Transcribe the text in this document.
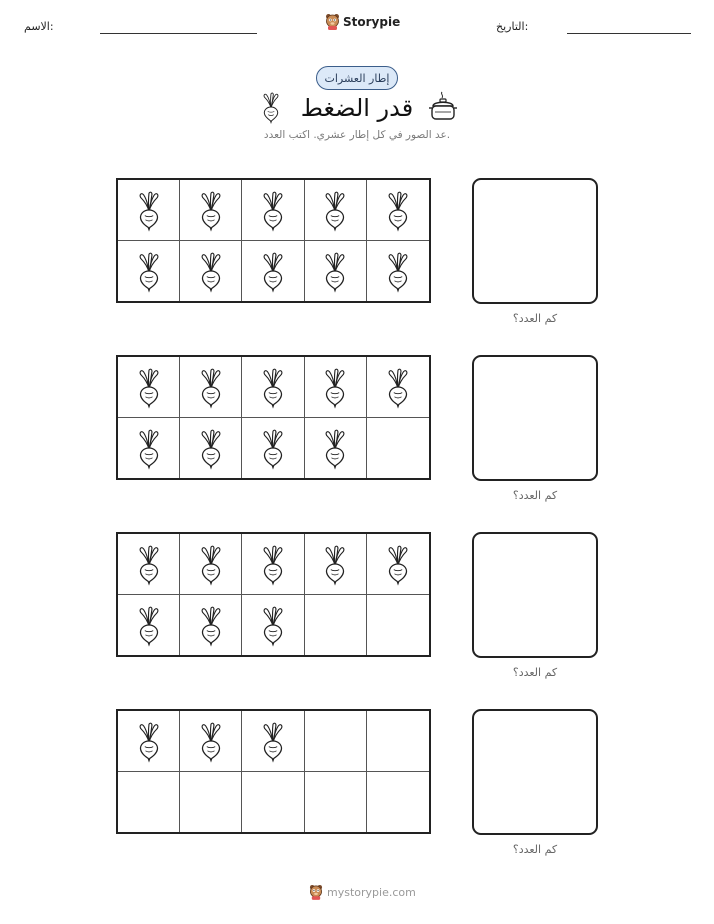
الاسم:	Storypie	التاريخ:
إطار العشرات
قدر الضغط
عد الصور في كل إطار عشري. اكتب العدد.
كم العدد؟
كم العدد؟
كم العدد؟
كم العدد؟
mystorypie.com
